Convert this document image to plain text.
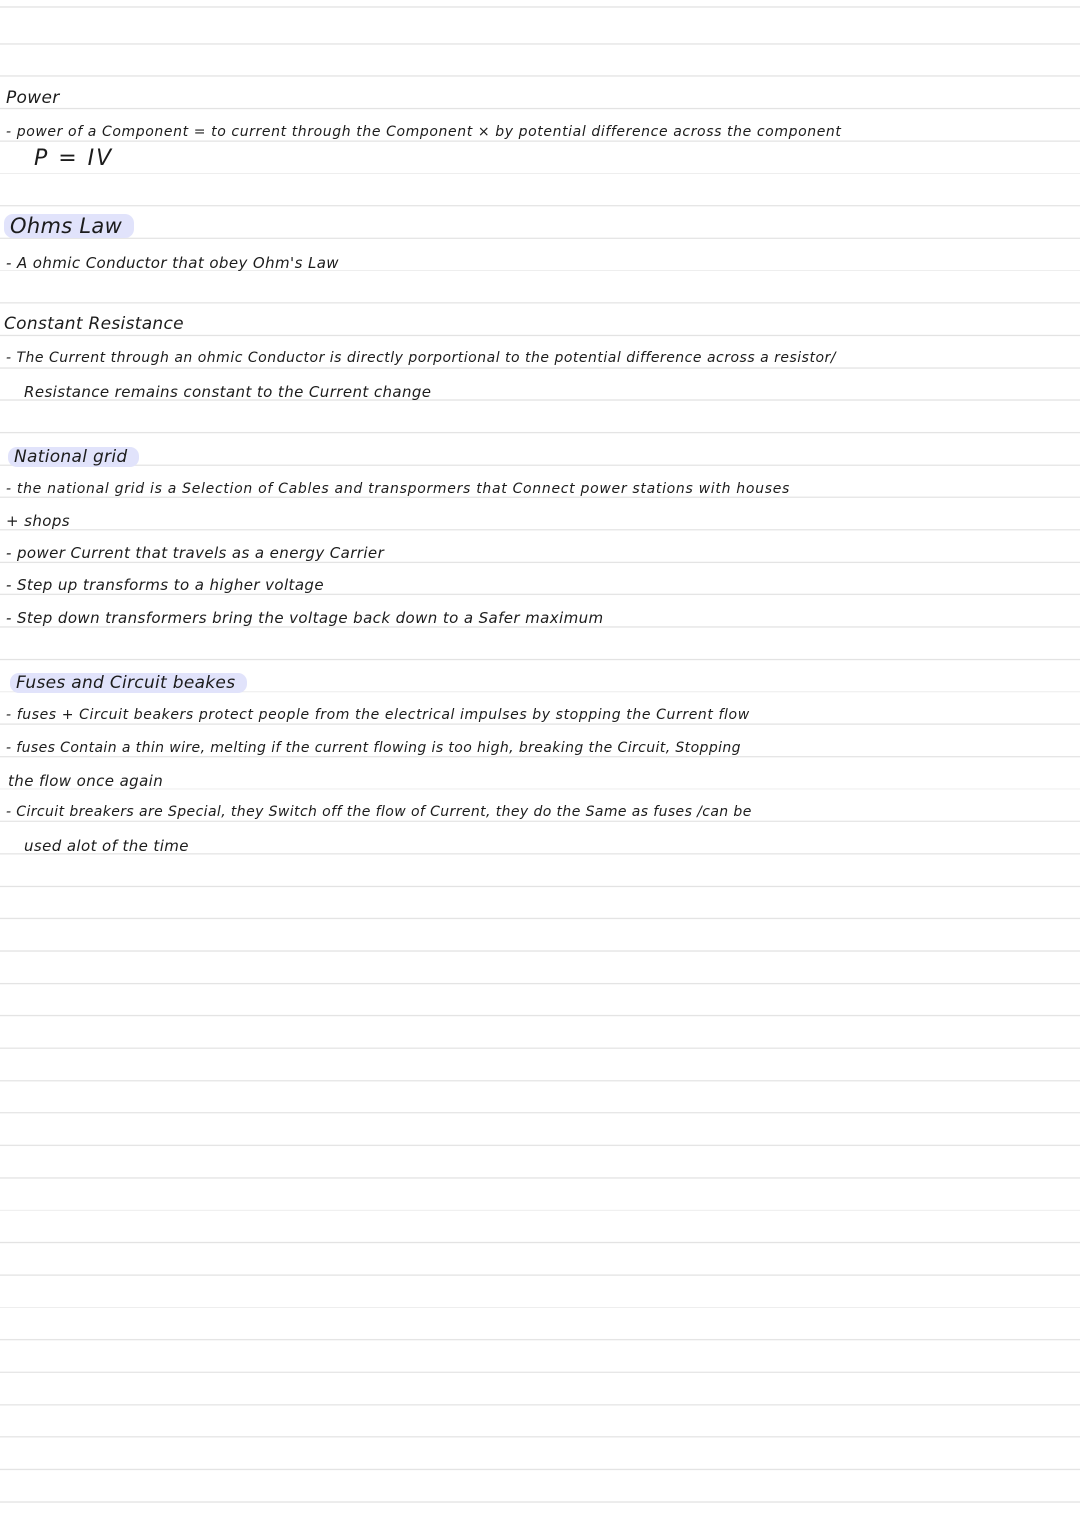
Power
- power of a Component = to current through the Component × by potential difference across the component
P = IV
Ohms Law
- A ohmic Conductor that obey Ohm's Law
Constant Resistance
- The Current through an ohmic Conductor is directly porportional to the potential difference across a resistor/
Resistance remains constant to the Current change
National grid
- the national grid is a Selection of Cables and transpormers that Connect power stations with houses
+ shops
- power Current that travels as a energy Carrier
- Step up transforms to a higher voltage
- Step down transformers bring the voltage back down to a Safer maximum
Fuses and Circuit beakes
- fuses + Circuit beakers protect people from the electrical impulses by stopping the Current flow
- fuses Contain a thin wire, melting if the current flowing is too high, breaking the Circuit, Stopping
the flow once again
- Circuit breakers are Special, they Switch off the flow of Current, they do the Same as fuses /can be
used alot of the time
